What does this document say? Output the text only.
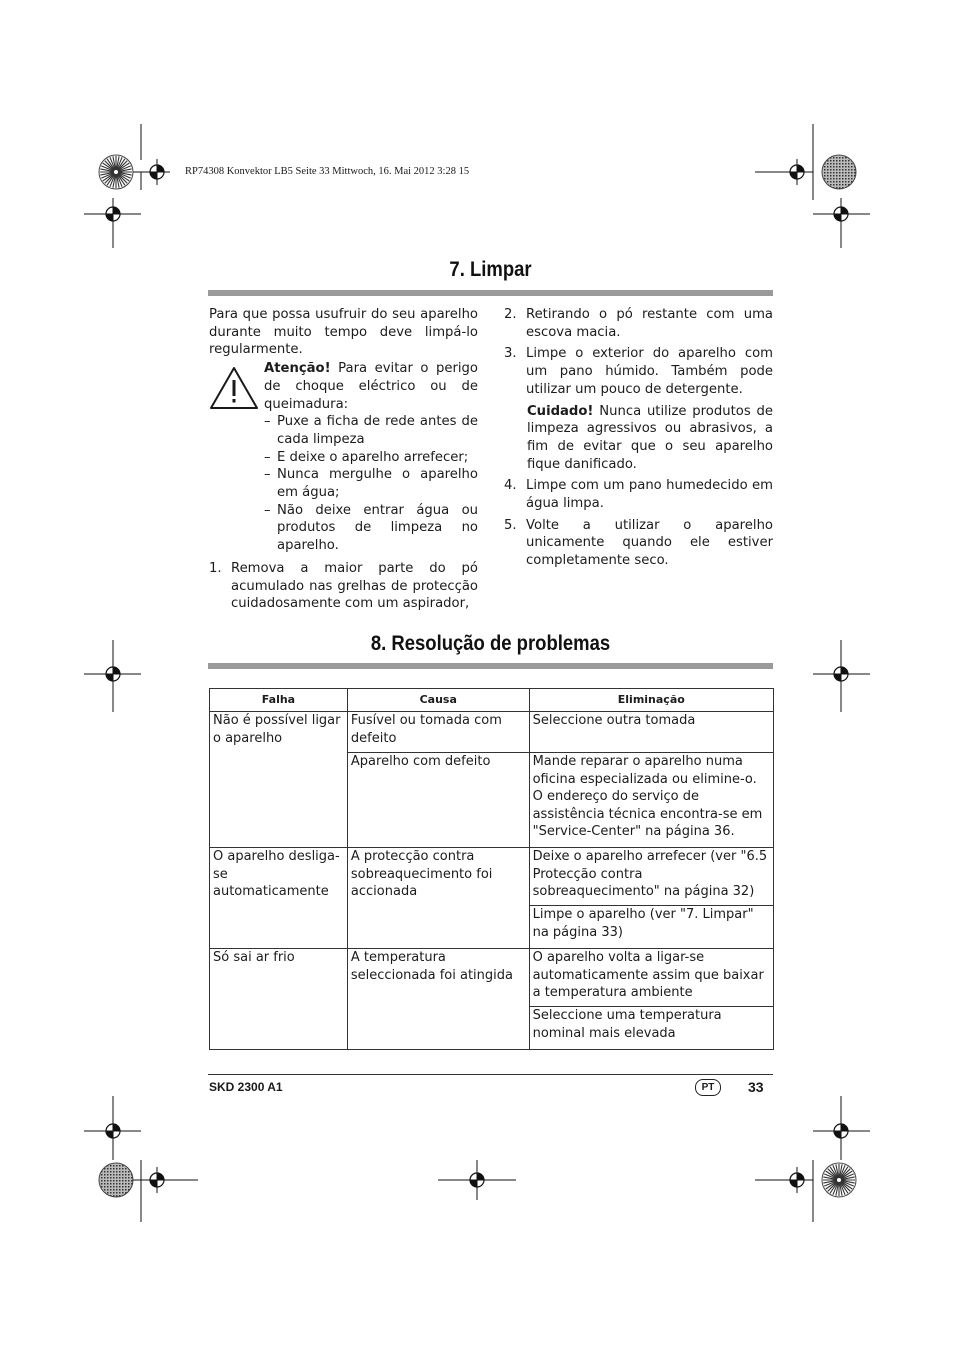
RP74308 Konvektor LB5 Seite 33 Mittwoch, 16. Mai 2012 3:28 15
7. Limpar
Para que possa usufruir do seu aparelho durante muito tempo deve limpá-lo regularmente.
Atenção! Para evitar o perigo de choque eléctrico ou de queimadura:
– Puxe a ficha de rede antes de cada limpeza
– E deixe o aparelho arrefecer;
– Nunca mergulhe o aparelho em água;
– Não deixe entrar água ou produtos de limpeza no aparelho.
1. Remova a maior parte do pó acumulado nas grelhas de protecção cuidadosamente com um aspirador,
2. Retirando o pó restante com uma escova macia.
3. Limpe o exterior do aparelho com um pano húmido. Também pode utilizar um pouco de detergente.
Cuidado! Nunca utilize produtos de limpeza agressivos ou abrasivos, a fim de evitar que o seu aparelho fique danificado.
4. Limpe com um pano humedecido em água limpa.
5. Volte a utilizar o aparelho unicamente quando ele estiver completamente seco.
8. Resolução de problemas
Falha	Causa	Eliminação
Não é possível ligar o aparelho	Fusível ou tomada com defeito	Seleccione outra tomada
	Aparelho com defeito	Mande reparar o aparelho numa oficina especializada ou elimine-o. O endereço do serviço de assistência técnica encontra-se em "Service-Center" na página 36.
O aparelho desliga-se automaticamente	A protecção contra sobreaquecimento foi accionada	Deixe o aparelho arrefecer (ver "6.5 Protecção contra sobreaquecimento" na página 32)
		Limpe o aparelho (ver "7. Limpar" na página 33)
Só sai ar frio	A temperatura seleccionada foi atingida	O aparelho volta a ligar-se automaticamente assim que baixar a temperatura ambiente
		Seleccione uma temperatura nominal mais elevada
SKD 2300 A1	PT	33
